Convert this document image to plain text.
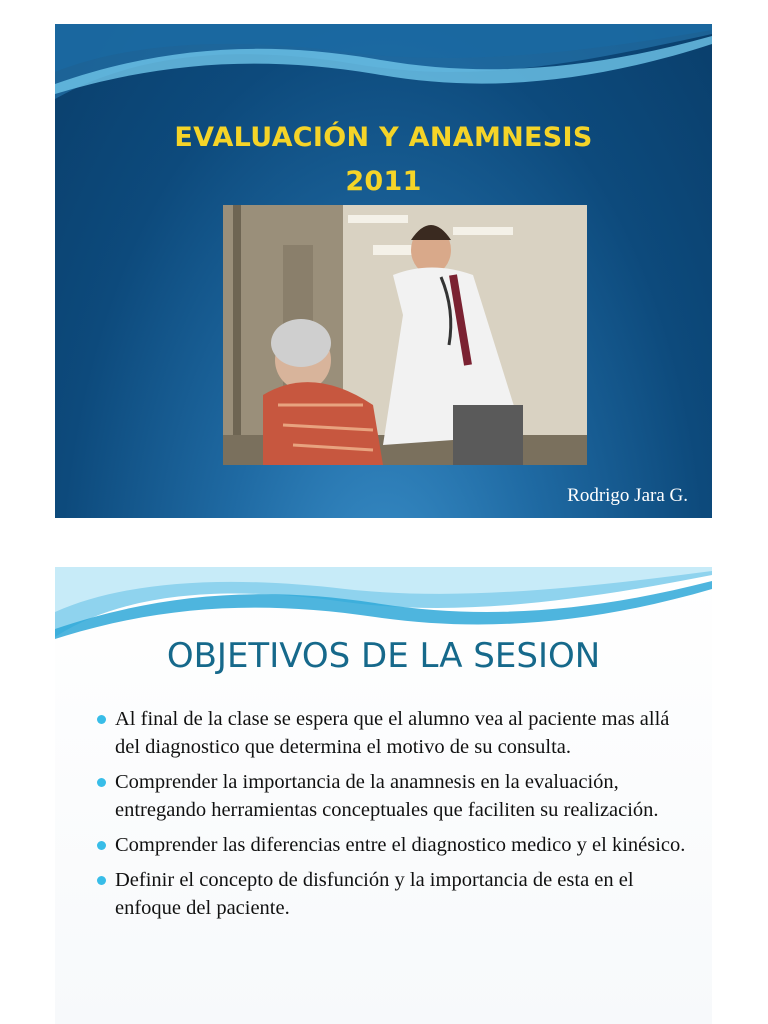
EVALUACIÓN Y ANAMNESIS
2011
Rodrigo Jara G.
OBJETIVOS DE LA SESION
Al final de la clase se espera que el alumno vea al paciente mas allá del diagnostico que determina el motivo de su consulta.
Comprender la importancia de la anamnesis en la evaluación, entregando herramientas conceptuales que faciliten su realización.
Comprender las diferencias entre el diagnostico medico y el kinésico.
Definir el concepto de disfunción y la importancia de esta en el enfoque del paciente.
